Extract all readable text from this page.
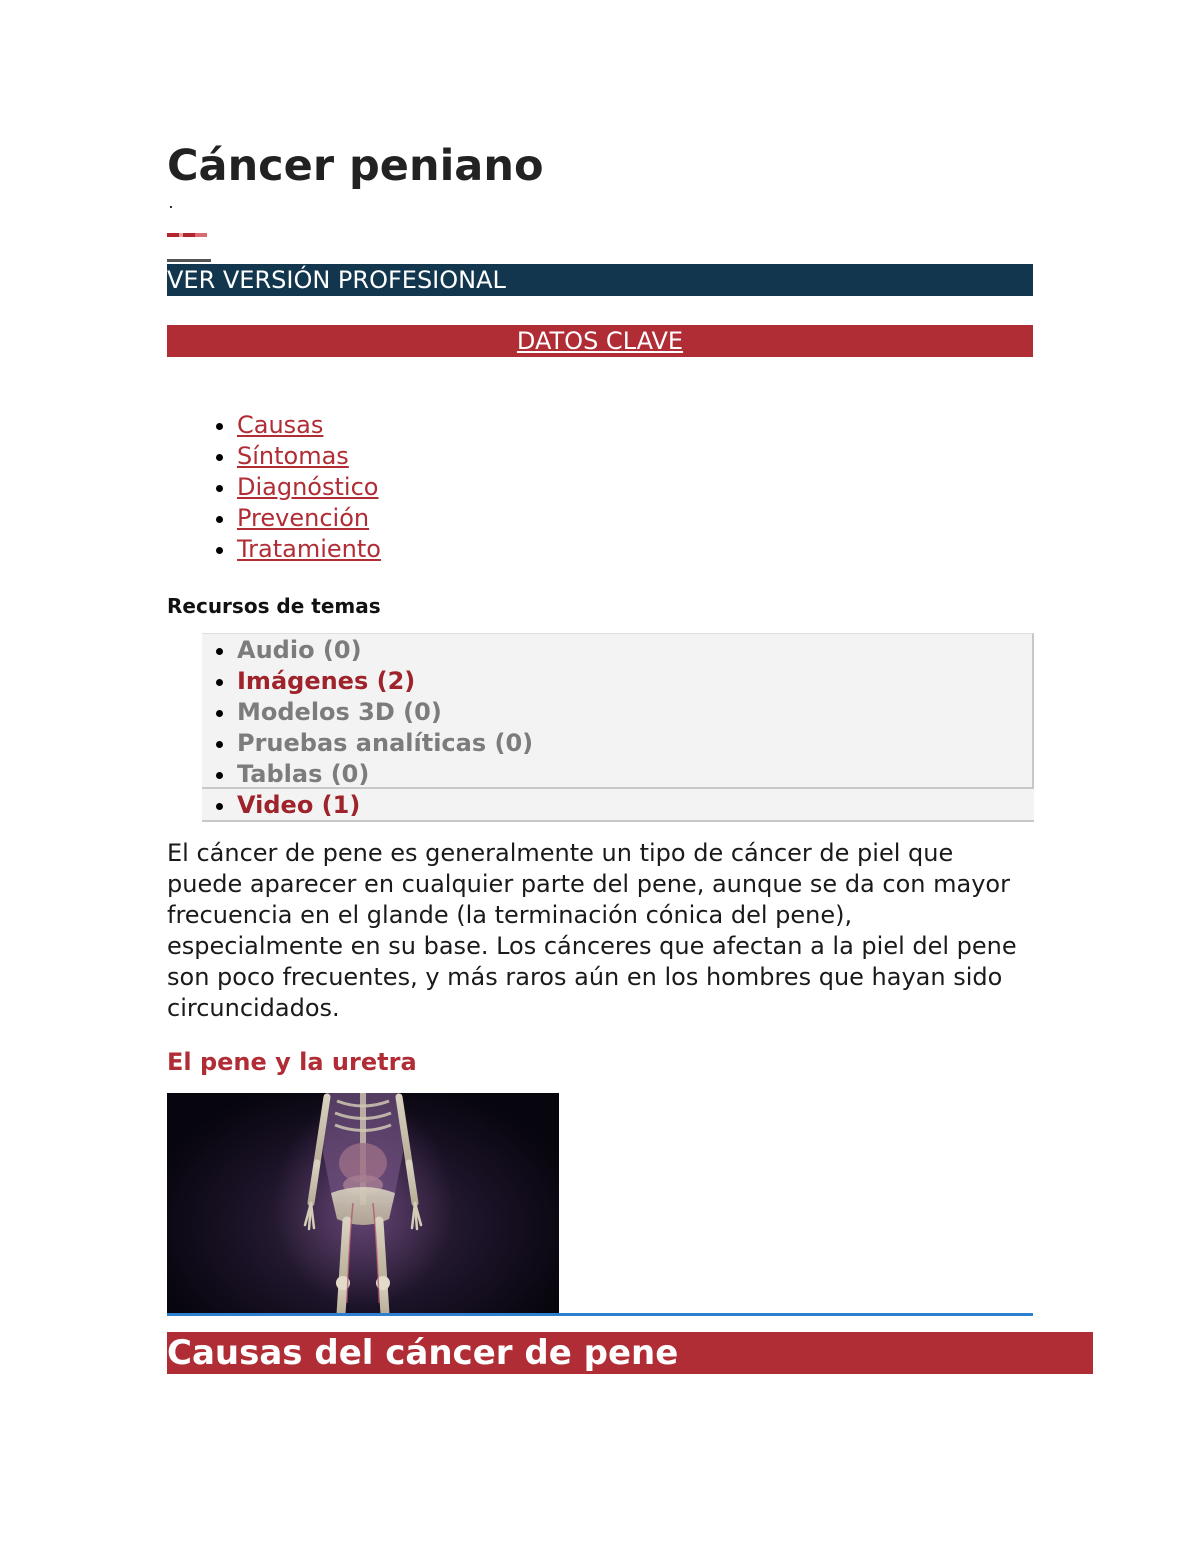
Cáncer peniano
VER VERSIÓN PROFESIONAL
DATOS CLAVE
• Causas
• Síntomas
• Diagnóstico
• Prevención
• Tratamiento
Recursos de temas
• Audio (0)
• Imágenes (2)
• Modelos 3D (0)
• Pruebas analíticas (0)
• Tablas (0)
• Video (1)

El cáncer de pene es generalmente un tipo de cáncer de piel que puede aparecer en cualquier parte del pene, aunque se da con mayor frecuencia en el glande (la terminación cónica del pene), especialmente en su base. Los cánceres que afectan a la piel del pene son poco frecuentes, y más raros aún en los hombres que hayan sido circuncidados.

El pene y la uretra
Causas del cáncer de pene
